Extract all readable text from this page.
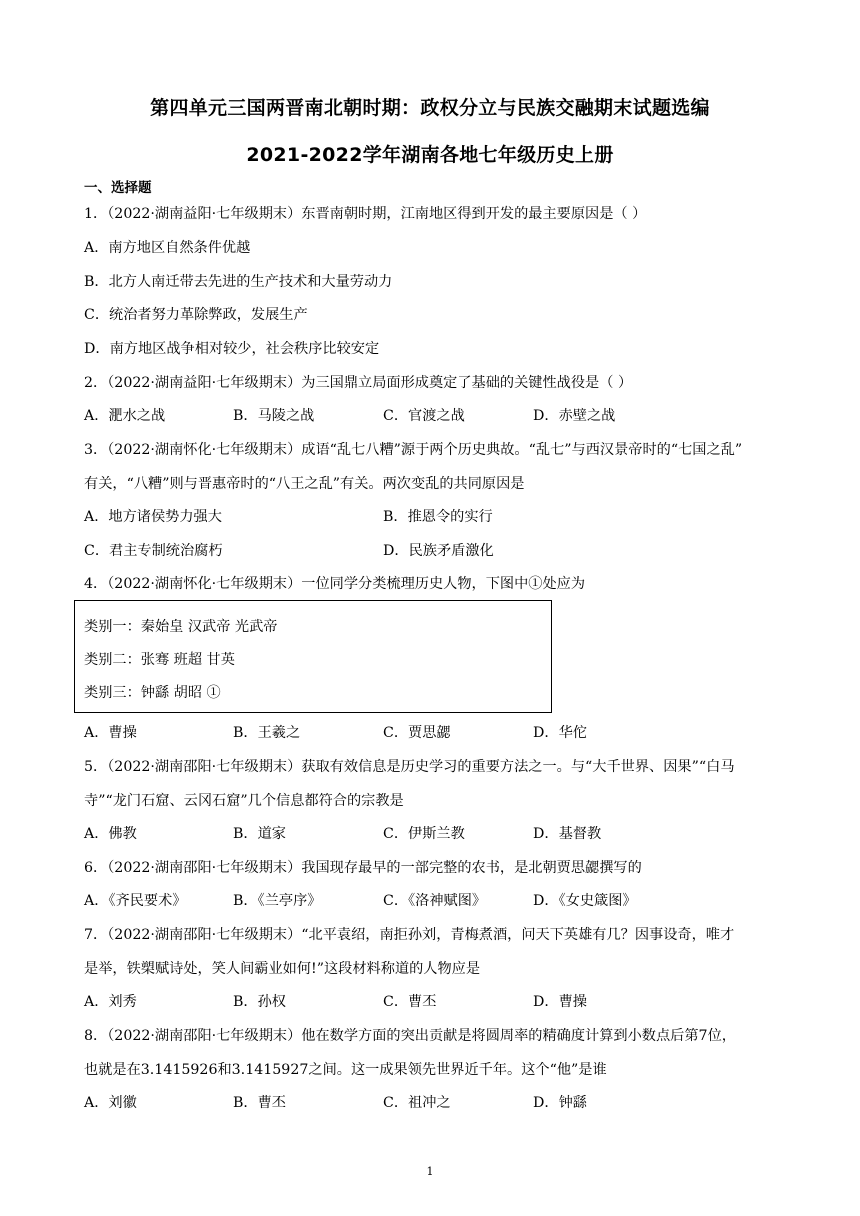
第四单元三国两晋南北朝时期：政权分立与民族交融期末试题选编
2021-2022学年湖南各地七年级历史上册
一、选择题
1．（2022·湖南益阳·七年级期末）东晋南朝时期，江南地区得到开发的最主要原因是（ ）
A．南方地区自然条件优越
B．北方人南迁带去先进的生产技术和大量劳动力
C．统治者努力革除弊政，发展生产
D．南方地区战争相对较少，社会秩序比较安定
2．（2022·湖南益阳·七年级期末）为三国鼎立局面形成奠定了基础的关键性战役是（ ）
A．淝水之战	B．马陵之战	C．官渡之战	D．赤壁之战
3．（2022·湖南怀化·七年级期末）成语“乱七八糟”源于两个历史典故。“乱七”与西汉景帝时的“七国之乱”
有关，“八糟”则与晋惠帝时的“八王之乱”有关。两次变乱的共同原因是
A．地方诸侯势力强大	B．推恩令的实行
C．君主专制统治腐朽	D．民族矛盾激化
4．（2022·湖南怀化·七年级期末）一位同学分类梳理历史人物，下图中①处应为
类别一：秦始皇 汉武帝 光武帝
类别二：张骞 班超 甘英
类别三：钟繇 胡昭 ①
A．曹操	B．王羲之	C．贾思勰	D．华佗
5．（2022·湖南邵阳·七年级期末）获取有效信息是历史学习的重要方法之一。与“大千世界、因果”“白马
寺”“龙门石窟、云冈石窟”几个信息都符合的宗教是
A．佛教	B．道家	C．伊斯兰教	D．基督教
6．（2022·湖南邵阳·七年级期末）我国现存最早的一部完整的农书，是北朝贾思勰撰写的
A．《齐民要术》	B．《兰亭序》	C．《洛神赋图》	D．《女史箴图》
7．（2022·湖南邵阳·七年级期末）“北平袁绍，南拒孙刘，青梅煮酒，问天下英雄有几？因事设奇，唯才
是举，铁槊赋诗处，笑人间霸业如何!”这段材料称道的人物应是
A．刘秀	B．孙权	C．曹丕	D．曹操
8．（2022·湖南邵阳·七年级期末）他在数学方面的突出贡献是将圆周率的精确度计算到小数点后第7位，
也就是在3.1415926和3.1415927之间。这一成果领先世界近千年。这个“他”是谁
A．刘徽	B．曹丕	C．祖冲之	D．钟繇
1
